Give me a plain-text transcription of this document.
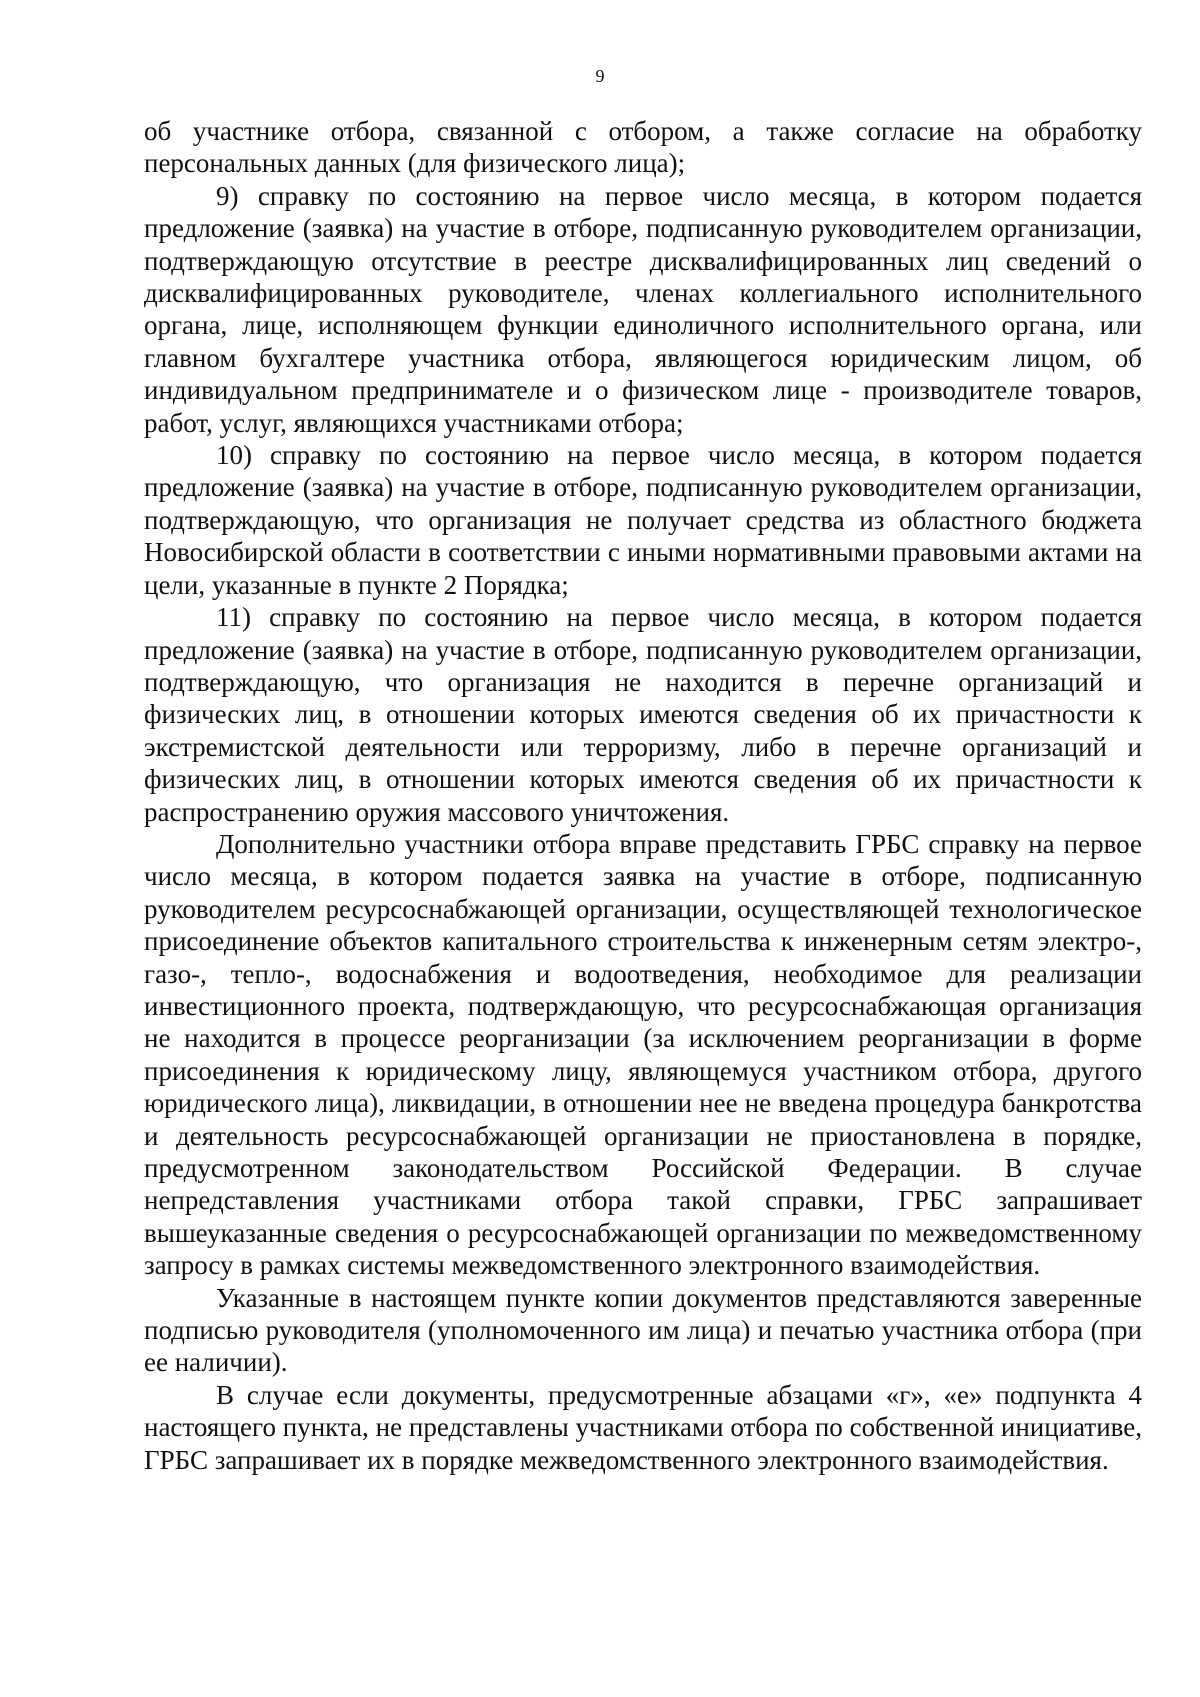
9

об участнике отбора, связанной с отбором, а также согласие на обработку персональных данных (для физического лица);

9) справку по состоянию на первое число месяца, в котором подается предложение (заявка) на участие в отборе, подписанную руководителем организации, подтверждающую отсутствие в реестре дисквалифицированных лиц сведений о дисквалифицированных руководителе, членах коллегиального исполнительного органа, лице, исполняющем функции единоличного исполнительного органа, или главном бухгалтере участника отбора, являющегося юридическим лицом, об индивидуальном предпринимателе и о физическом лице - производителе товаров, работ, услуг, являющихся участниками отбора;

10) справку по состоянию на первое число месяца, в котором подается предложение (заявка) на участие в отборе, подписанную руководителем организации, подтверждающую, что организация не получает средства из областного бюджета Новосибирской области в соответствии с иными нормативными правовыми актами на цели, указанные в пункте 2 Порядка;

11) справку по состоянию на первое число месяца, в котором подается предложение (заявка) на участие в отборе, подписанную руководителем организации, подтверждающую, что организация не находится в перечне организаций и физических лиц, в отношении которых имеются сведения об их причастности к экстремистской деятельности или терроризму, либо в перечне организаций и физических лиц, в отношении которых имеются сведения об их причастности к распространению оружия массового уничтожения.

Дополнительно участники отбора вправе представить ГРБС справку на первое число месяца, в котором подается заявка на участие в отборе, подписанную руководителем ресурсоснабжающей организации, осуществляющей технологическое присоединение объектов капитального строительства к инженерным сетям электро-, газо-, тепло-, водоснабжения и водоотведения, необходимое для реализации инвестиционного проекта, подтверждающую, что ресурсоснабжающая организация не находится в процессе реорганизации (за исключением реорганизации в форме присоединения к юридическому лицу, являющемуся участником отбора, другого юридического лица), ликвидации, в отношении нее не введена процедура банкротства и деятельность ресурсоснабжающей организации не приостановлена в порядке, предусмотренном законодательством Российской Федерации. В случае непредставления участниками отбора такой справки, ГРБС запрашивает вышеуказанные сведения о ресурсоснабжающей организации по межведомственному запросу в рамках системы межведомственного электронного взаимодействия.

Указанные в настоящем пункте копии документов представляются заверенные подписью руководителя (уполномоченного им лица) и печатью участника отбора (при ее наличии).

В случае если документы, предусмотренные абзацами «г», «е» подпункта 4 настоящего пункта, не представлены участниками отбора по собственной инициативе, ГРБС запрашивает их в порядке межведомственного электронного взаимодействия.
